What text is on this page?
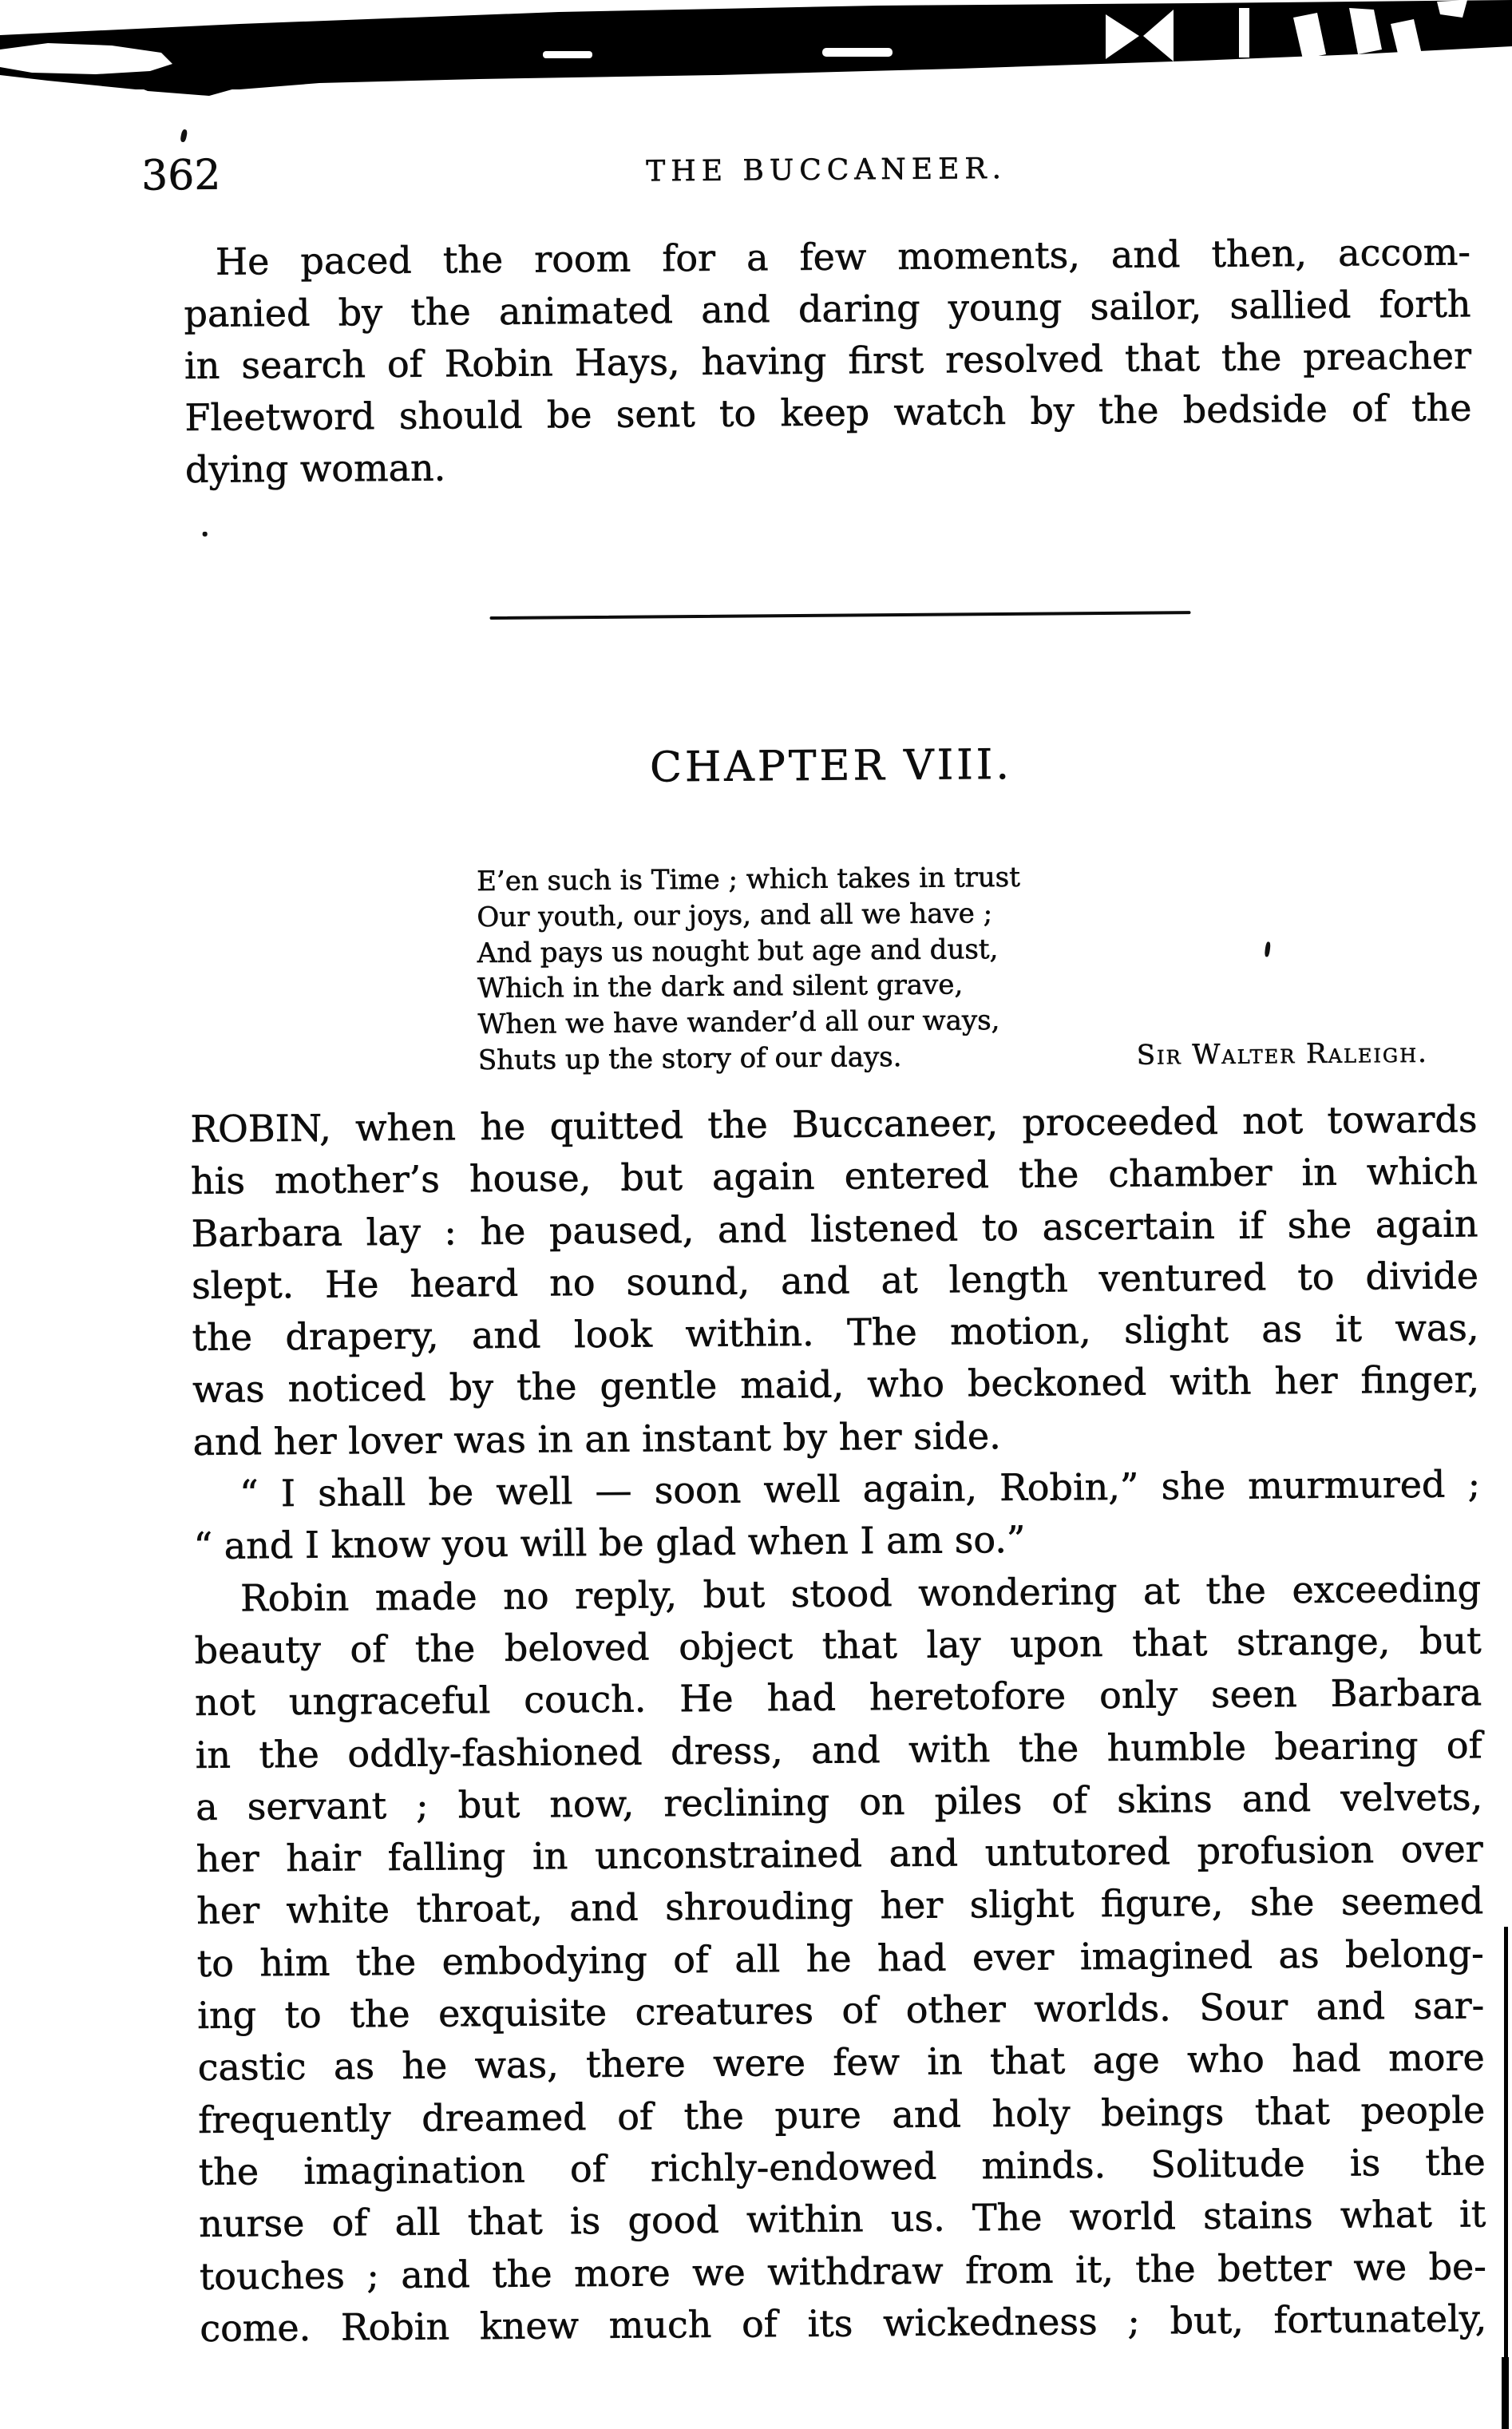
362	THE BUCCANEER.
He paced the room for a few moments, and then, accom-
panied by the animated and daring young sailor, sallied forth
in search of Robin Hays, having first resolved that the preacher
Fleetword should be sent to keep watch by the bedside of the
dying woman.
CHAPTER VIII.
E’en such is Time ; which takes in trust
Our youth, our joys, and all we have ;
And pays us nought but age and dust,
Which in the dark and silent grave,
When we have wander’d all our ways,
Shuts up the story of our days.	Sir Walter Raleigh.
ROBIN, when he quitted the Buccaneer, proceeded not towards
his mother’s house, but again entered the chamber in which
Barbara lay : he paused, and listened to ascertain if she again
slept. He heard no sound, and at length ventured to divide
the drapery, and look within. The motion, slight as it was,
was noticed by the gentle maid, who beckoned with her finger,
and her lover was in an instant by her side.
“ I shall be well — soon well again, Robin,” she murmured ;
“ and I know you will be glad when I am so.”
Robin made no reply, but stood wondering at the exceeding
beauty of the beloved object that lay upon that strange, but
not ungraceful couch. He had heretofore only seen Barbara
in the oddly-fashioned dress, and with the humble bearing of
a servant ; but now, reclining on piles of skins and velvets,
her hair falling in unconstrained and untutored profusion over
her white throat, and shrouding her slight figure, she seemed
to him the embodying of all he had ever imagined as belong-
ing to the exquisite creatures of other worlds. Sour and sar-
castic as he was, there were few in that age who had more
frequently dreamed of the pure and holy beings that people
the imagination of richly-endowed minds. Solitude is the
nurse of all that is good within us. The world stains what it
touches ; and the more we withdraw from it, the better we be-
come. Robin knew much of its wickedness ; but, fortunately,
